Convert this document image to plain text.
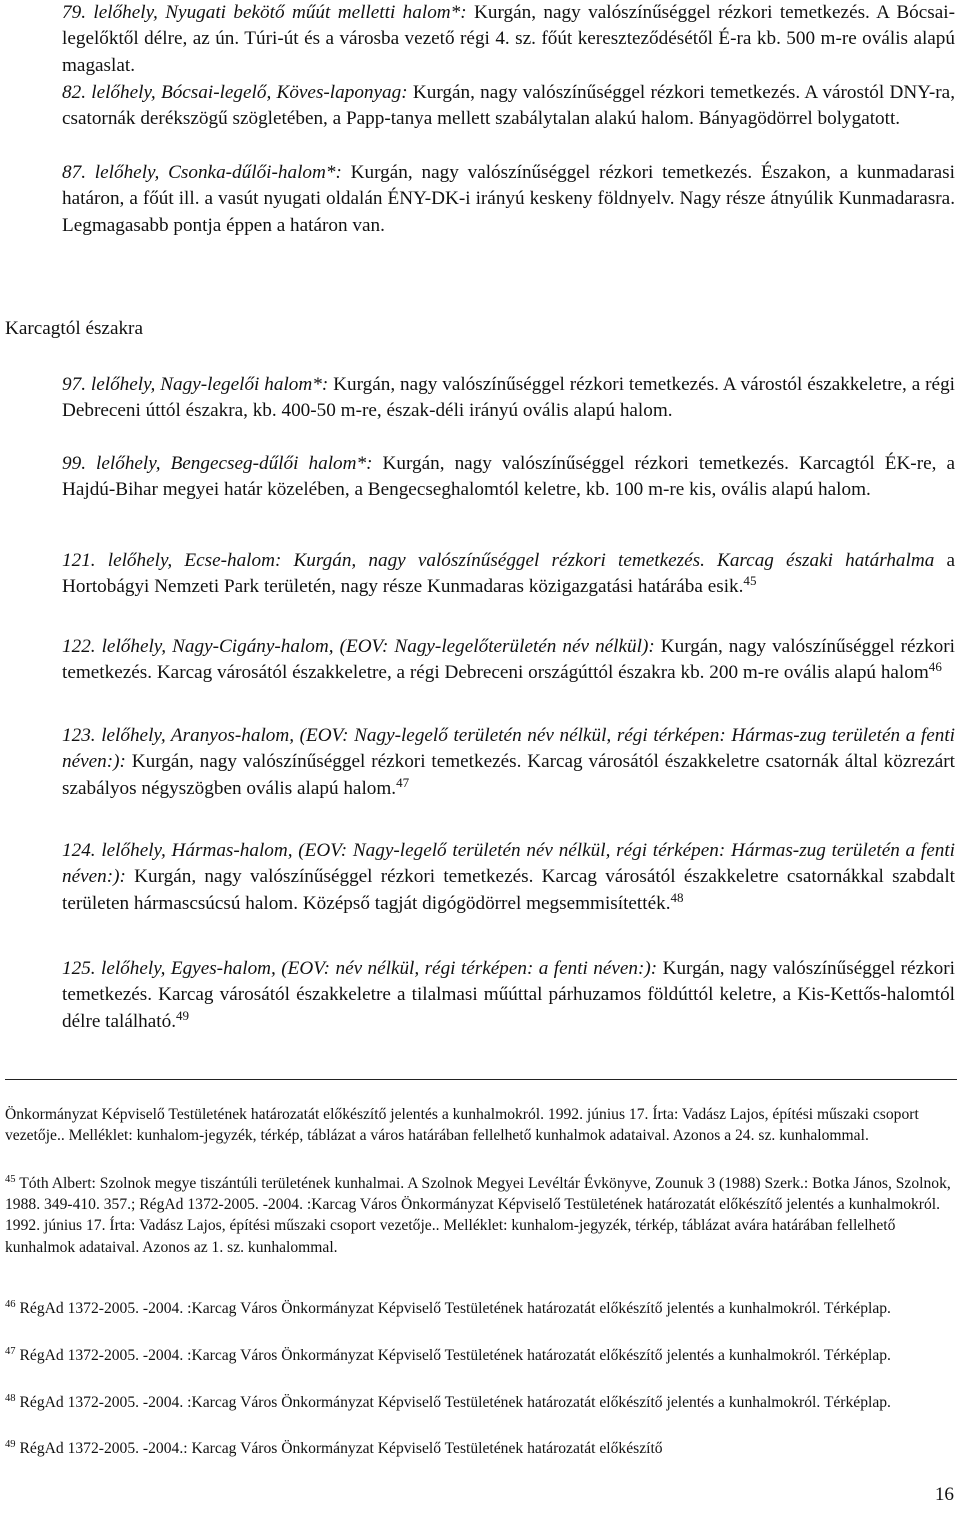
79. lelőhely, Nyugati bekötő műút melletti halom*: Kurgán, nagy valószínűséggel rézkori temetkezés. A Bócsai-legelőktől délre, az ún. Túri-út és a városba vezető régi 4. sz. főút kereszteződésétől É-ra kb. 500 m-re ovális alapú magaslat.

82. lelőhely, Bócsai-legelő, Köves-laponyag: Kurgán, nagy valószínűséggel rézkori temetkezés. A várostól DNY-ra, csatornák derékszögű szögletében, a Papp-tanya mellett szabálytalan alakú halom. Bányagödörrel bolygatott.

87. lelőhely, Csonka-dűlői-halom*: Kurgán, nagy valószínűséggel rézkori temetkezés. Északon, a kunmadarasi határon, a főút ill. a vasút nyugati oldalán ÉNY-DK-i irányú keskeny földnyelv. Nagy része átnyúlik Kunmadarasra. Legmagasabb pontja éppen a határon van.

Karcagtól északra

97. lelőhely, Nagy-legelői halom*: Kurgán, nagy valószínűséggel rézkori temetkezés. A várostól északkeletre, a régi Debreceni úttól északra, kb. 400-50 m-re, észak-déli irányú ovális alapú halom.

99. lelőhely, Bengecseg-dűlői halom*: Kurgán, nagy valószínűséggel rézkori temetkezés. Karcagtól ÉK-re, a Hajdú-Bihar megyei határ közelében, a Bengecseghalomtól keletre, kb. 100 m-re kis, ovális alapú halom.

121. lelőhely, Ecse-halom: Kurgán, nagy valószínűséggel rézkori temetkezés. Karcag északi határhalma a Hortobágyi Nemzeti Park területén, nagy része Kunmadaras közigazgatási határába esik.$^{45}$

122. lelőhely, Nagy-Cigány-halom, (EOV: Nagy-legelőterületén név nélkül): Kurgán, nagy valószínűséggel rézkori temetkezés. Karcag városától északkeletre, a régi Debreceni országúttól északra kb. 200 m-re ovális alapú halom$^{46}$

123. lelőhely, Aranyos-halom, (EOV: Nagy-legelő területén név nélkül, régi térképen: Hármas-zug területén a fenti néven:): Kurgán, nagy valószínűséggel rézkori temetkezés. Karcag városától északkeletre csatornák által közrezárt szabályos négyszögben ovális alapú halom.$^{47}$

124. lelőhely, Hármas-halom, (EOV: Nagy-legelő területén név nélkül, régi térképen: Hármas-zug területén a fenti néven:): Kurgán, nagy valószínűséggel rézkori temetkezés. Karcag városától északkeletre csatornákkal szabdalt területen hármascsúcsú halom. Középső tagját digógödörrel megsemmisítették.$^{48}$

125. lelőhely, Egyes-halom, (EOV: név nélkül, régi térképen: a fenti néven:): Kurgán, nagy valószínűséggel rézkori temetkezés. Karcag városától északkeletre a tilalmasi műúttal párhuzamos földúttól keletre, a Kis-Kettős-halomtól délre található.$^{49}$

Önkormányzat Képviselő Testületének határozatát előkészítő jelentés a kunhalmokról. 1992. június 17. Írta: Vadász Lajos, építési műszaki csoport vezetője.. Melléklet: kunhalom-jegyzék, térkép, táblázat a város határában fellelhető kunhalmok adataival. Azonos a 24. sz. kunhalommal.

$^{45}$ Tóth Albert: Szolnok megye tiszántúli területének kunhalmai. A Szolnok Megyei Levéltár Évkönyve, Zounuk 3 (1988) Szerk.: Botka János, Szolnok, 1988. 349-410. 357.; RégAd 1372-2005. -2004. :Karcag Város Önkormányzat Képviselő Testületének határozatát előkészítő jelentés a kunhalmokról. 1992. június 17. Írta: Vadász Lajos, építési műszaki csoport vezetője.. Melléklet: kunhalom-jegyzék, térkép, táblázat avára határában fellelhető kunhalmok adataival. Azonos az 1. sz. kunhalommal.

$^{46}$ RégAd 1372-2005. -2004. :Karcag Város Önkormányzat Képviselő Testületének határozatát előkészítő jelentés a kunhalmokról. Térképlap.

$^{47}$ RégAd 1372-2005. -2004. :Karcag Város Önkormányzat Képviselő Testületének határozatát előkészítő jelentés a kunhalmokról. Térképlap.

$^{48}$ RégAd 1372-2005. -2004. :Karcag Város Önkormányzat Képviselő Testületének határozatát előkészítő jelentés a kunhalmokról. Térképlap.

$^{49}$ RégAd 1372-2005. -2004.: Karcag Város Önkormányzat Képviselő Testületének határozatát előkészítő

16
